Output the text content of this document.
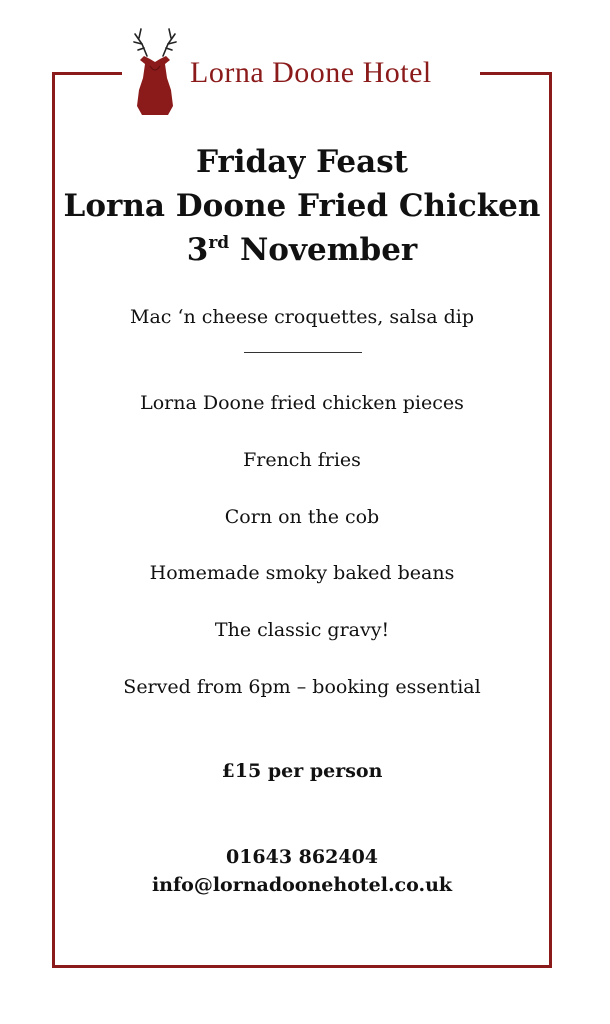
Lorna Doone Hotel
Friday Feast
Lorna Doone Fried Chicken
3rd November
Mac ‘n cheese croquettes, salsa dip
Lorna Doone fried chicken pieces
French fries
Corn on the cob
Homemade smoky baked beans
The classic gravy!
Served from 6pm – booking essential
£15 per person
01643 862404
info@lornadoonehotel.co.uk
